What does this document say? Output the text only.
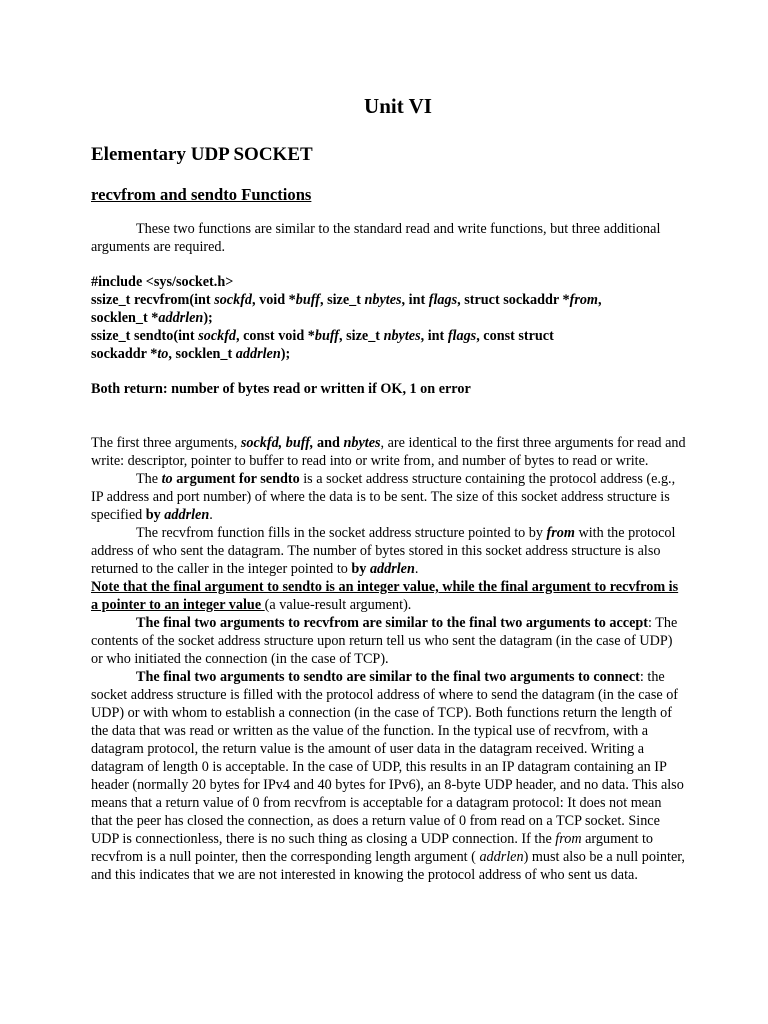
Unit VI
Elementary UDP SOCKET
recvfrom and sendto Functions

These two functions are similar to the standard read and write functions, but three additional arguments are required.

#include <sys/socket.h>
ssize_t recvfrom(int sockfd, void *buff, size_t nbytes, int flags, struct sockaddr *from,
socklen_t *addrlen);
ssize_t sendto(int sockfd, const void *buff, size_t nbytes, int flags, const struct
sockaddr *to, socklen_t addrlen);

Both return: number of bytes read or written if OK, 1 on error

The first three arguments, sockfd, buff, and nbytes, are identical to the first three arguments for read and write: descriptor, pointer to buffer to read into or write from, and number of bytes to read or write.

The to argument for sendto is a socket address structure containing the protocol address (e.g., IP address and port number) of where the data is to be sent. The size of this socket address structure is specified by addrlen.

The recvfrom function fills in the socket address structure pointed to by from with the protocol address of who sent the datagram. The number of bytes stored in this socket address structure is also returned to the caller in the integer pointed to by addrlen.

Note that the final argument to sendto is an integer value, while the final argument to recvfrom is a pointer to an integer value (a value-result argument).

The final two arguments to recvfrom are similar to the final two arguments to accept: The contents of the socket address structure upon return tell us who sent the datagram (in the case of UDP) or who initiated the connection (in the case of TCP).

The final two arguments to sendto are similar to the final two arguments to connect: the socket address structure is filled with the protocol address of where to send the datagram (in the case of UDP) or with whom to establish a connection (in the case of TCP). Both functions return the length of the data that was read or written as the value of the function. In the typical use of recvfrom, with a datagram protocol, the return value is the amount of user data in the datagram received. Writing a datagram of length 0 is acceptable. In the case of UDP, this results in an IP datagram containing an IP header (normally 20 bytes for IPv4 and 40 bytes for IPv6), an 8-byte UDP header, and no data. This also means that a return value of 0 from recvfrom is acceptable for a datagram protocol: It does not mean that the peer has closed the connection, as does a return value of 0 from read on a TCP socket. Since UDP is connectionless, there is no such thing as closing a UDP connection. If the from argument to recvfrom is a null pointer, then the corresponding length argument ( addrlen) must also be a null pointer, and this indicates that we are not interested in knowing the protocol address of who sent us data.
